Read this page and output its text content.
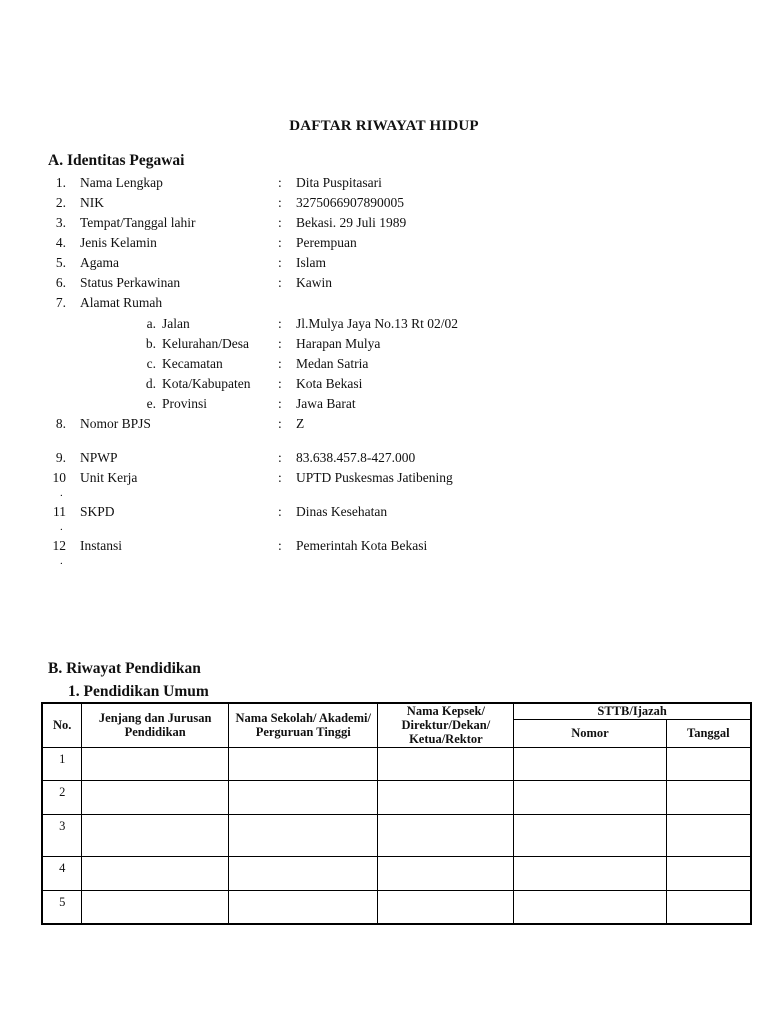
DAFTAR RIWAYAT HIDUP
A. Identitas Pegawai
1. Nama Lengkap	: Dita Puspitasari
2. NIK	: 3275066907890005
3. Tempat/Tanggal lahir	: Bekasi. 29 Juli 1989
4. Jenis Kelamin	: Perempuan
5. Agama	: Islam
6. Status Perkawinan	: Kawin
7. Alamat Rumah
a. Jalan	: Jl.Mulya Jaya No.13 Rt 02/02
b. Kelurahan/Desa : Harapan Mulya
c. Kecamatan	: Medan Satria
d. Kota/Kabupaten : Kota Bekasi
e. Provinsi	: Jawa Barat
8. Nomor BPJS	: Z
9. NPWP	: 83.638.457.8-427.000
10 Unit Kerja	: UPTD Puskesmas Jatibening
.
11 SKPD	: Dinas Kesehatan
.
12 Instansi	: Pemerintah Kota Bekasi
.
B. Riwayat Pendidikan
1. Pendidikan Umum
No.	Jenjang dan Jurusan Pendidikan	Nama Sekolah/ Akademi/ Perguruan Tinggi	Nama Kepsek/ Direktur/Dekan/ Ketua/Rektor	STTB/Ijazah	
				Nomor	Tanggal
1					
2					
3					
4					
5					
